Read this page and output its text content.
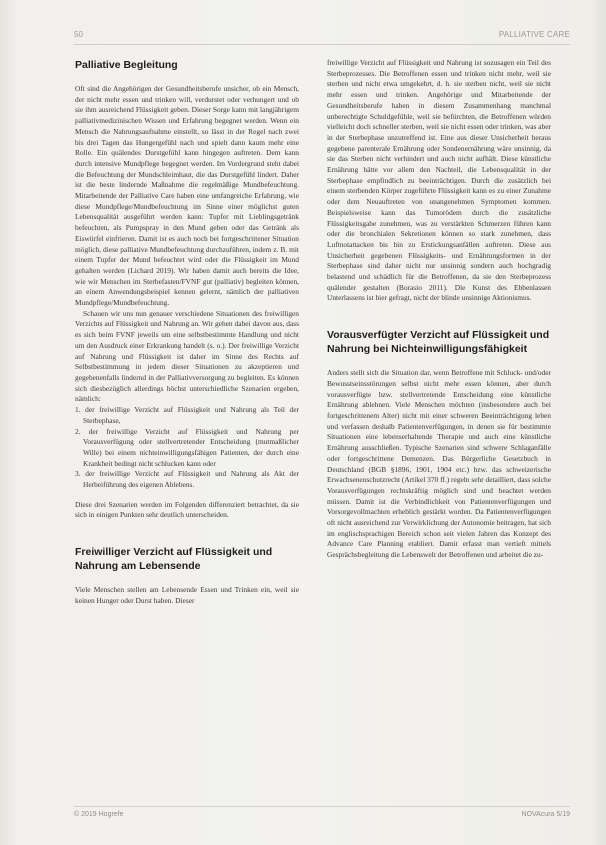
50	PALLIATIVE CARE
Palliative Begleitung

Oft sind die Angehörigen der Gesundheitsberufe unsicher, ob ein Mensch, der nicht mehr essen und trinken will, verdurstet oder verhungert und ob sie ihm ausreichend Flüssigkeit geben. Dieser Sorge kann mit langjährigem palliativmedizinischen Wissen und Erfahrung begegnet werden. Wenn ein Mensch die Nahrungsaufnahme einstellt, so lässt in der Regel nach zwei bis drei Tagen das Hungergefühl nach und spielt dann kaum mehr eine Rolle. Ein quälendes Durstgefühl kann hingegen auftreten. Dem kann durch intensive Mundpflege begegnet werden. Im Vordergrund steht dabei die Befeuchtung der Mundschleimhaut, die das Durstgefühl lindert. Daher ist die beste lindernde Maßnahme die regelmäßige Mundbefeuchtung. Mitarbeitende der Palliative Care haben eine umfangreiche Erfahrung, wie diese Mundpflege/Mundbefeuchtung im Sinne einer möglichst guten Lebensqualität ausgeführt werden kann: Tupfer mit Lieblingsgetränk befeuchten, als Pumpspray in den Mund geben oder das Getränk als Eiswürfel einfrieren. Damit ist es auch noch bei fortgeschrittener Situation möglich, diese palliative Mundbefeuchtung durchzuführen, indem z. B. mit einem Tupfer der Mund befeuchtet wird oder die Flüssigkeit im Mund gehalten werden (Lichard 2019). Wir haben damit auch bereits die Idee, wie wir Menschen im Sterbefasten/FVNF gut (palliativ) begleiten können, an einem Anwendungsbeispiel kennen gelernt, nämlich der palliativen Mundpflege/Mundbefeuchtung.

Schauen wir uns nun genauer verschiedene Situationen des freiwilligen Verzichts auf Flüssigkeit und Nahrung an. Wir gehen dabei davon aus, dass es sich beim FVNF jeweils um eine selbstbestimmte Handlung und nicht um den Ausdruck einer Erkrankung handelt (s. o.). Der freiwillige Verzicht auf Nahrung und Flüssigkeit ist daher im Sinne des Rechts auf Selbstbestimmung in jedem dieser Situationen zu akzeptieren und gegebenenfalls lindernd in der Palliativversorgung zu begleiten. Es können sich diesbezüglich allerdings höchst unterschiedliche Szenarien ergeben, nämlich:

1. der freiwillige Verzicht auf Flüssigkeit und Nahrung als Teil der Sterbephase,
2. der freiwillige Verzicht auf Flüssigkeit und Nahrung per Vorausverfügung oder stellvertretender Entscheidung (mutmaßlicher Wille) bei einem nichteinwilligungsfähigen Patienten, der durch eine Krankheit bedingt nicht schlucken kann oder
3. der freiwillige Verzicht auf Flüssigkeit und Nahrung als Akt der Herbeiführung des eigenen Ablebens.

Diese drei Szenarien werden im Folgenden differenziert betrachtet, da sie sich in einigen Punkten sehr deutlich unterscheiden.

Freiwilliger Verzicht auf Flüssigkeit und Nahrung am Lebensende

Viele Menschen stellen am Lebensende Essen und Trinken ein, weil sie keinen Hunger oder Durst haben. Dieser

freiwillige Verzicht auf Flüssigkeit und Nahrung ist sozusagen ein Teil des Sterbeprozesses. Die Betroffenen essen und trinken nicht mehr, weil sie sterben und nicht etwa umgekehrt, d. h. sie sterben nicht, weil sie nicht mehr essen und trinken. Angehörige und Mitarbeitende der Gesundheitsberufe haben in diesem Zusammenhang manchmal unberechtigte Schuldgefühle, weil sie befürchten, die Betroffenen würden vielleicht doch schneller sterben, weil sie nicht essen oder trinken, was aber in der Sterbephase unzutreffend ist. Eine aus dieser Unsicherheit heraus gegebene parenterale Ernährung oder Sondenernährung wäre unsinnig, da sie das Sterben nicht verhindert und auch nicht aufhält. Diese künstliche Ernährung hätte vor allem den Nachteil, die Lebensqualität in der Sterbephase empfindlich zu beeinträchtigen. Durch die zusätzlich bei einem sterbenden Körper zugeführte Flüssigkeit kann es zu einer Zunahme oder dem Neuauftreten von unangenehmen Symptomen kommen. Beispielsweise kann das Tumorödem durch die zusätzliche Flüssigkeitsgabe zunehmen, was zu verstärkten Schmerzen führen kann oder die bronchialen Sekretionen können so stark zunehmen, dass Luftnotattacken bis hin zu Erstickungsanfällen auftreten. Diese aus Unsicherheit gegebenen Flüssigkeits- und Ernährungsformen in der Sterbephase sind daher nicht nur unsinnig sondern auch hochgradig belastend und schädlich für die Betroffenen, da sie den Sterbeprozess quälender gestalten (Borasio 2011). Die Kunst des Ebbenlassen Unterlassens ist hier gefragt, nicht der blinde unsinnige Aktionismus.

Vorausverfügter Verzicht auf Flüssigkeit und Nahrung bei Nichteinwilligungsfähigkeit

Anders stellt sich die Situation dar, wenn Betroffene mit Schluck- und/oder Bewusstseinsstörungen selbst nicht mehr essen können, aber durch vorausverfügte bzw. stellvertretende Entscheidung eine künstliche Ernährung ablehnen. Viele Menschen möchten (insbesondere auch bei fortgeschrittenem Alter) nicht mit einer schweren Beeinträchtigung leben und verfassen deshalb Patientenverfügungen, in denen sie für bestimmte Situationen eine lebenserhaltende Therapie und auch eine künstliche Ernährung ausschließen. Typische Szenarien sind schwere Schlaganfälle oder fortgeschrittene Demenzen. Das Bürgerliche Gesetzbuch in Deutschland (BGB §1896, 1901, 1904 etc.) bzw. das schweizerische Erwachsenenschutzrecht (Artikel 370 ff.) regeln sehr detailliert, dass solche Vorausverfügungen rechtskräftig möglich sind und beachtet werden müssen. Damit ist die Verbindlichkeit von Patientenverfügungen und Vorsorgevollmachten erheblich gestärkt worden. Da Patientenverfügungen oft nicht ausreichend zur Verwirklichung der Autonomie beitragen, hat sich im englischsprachigen Bereich schon seit vielen Jahren das Konzept des Advance Care Planning etabliert. Damit erfasst man vertieft mittels Gesprächsbegleitung die Lebenswelt der Betroffenen und arbeitet die zu-

© 2019 Hogrefe	NOVAcura 5/19
